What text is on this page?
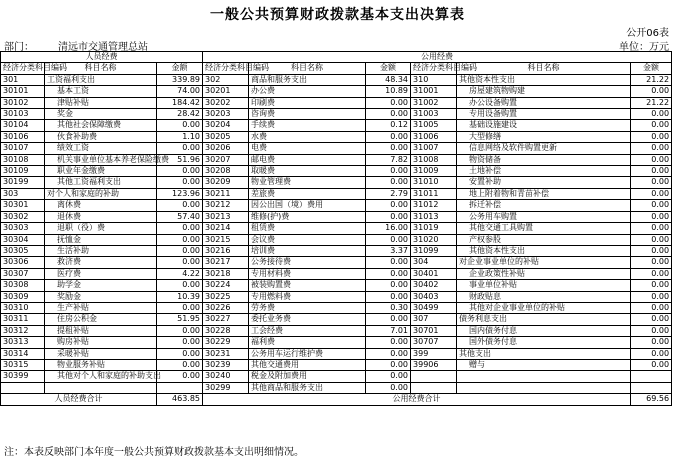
一般公共预算财政拨款基本支出决算表
公开06表
部门： 清远市交通管理总站	单位：万元
人员经费			公用经费					
经济分类科目编码	科目名称	金额	经济分类科目编码	科目名称	金额	经济分类科目编码	科目名称	金额
301	工资福利支出	339.89	302	商品和服务支出	48.34	310	其他资本性支出	21.22
30101	基本工资	74.00	30201	办公费	10.89	31001	房屋建筑物购建	0.00
30102	津贴补贴	184.42	30202	印刷费	0.00	31002	办公设备购置	21.22
30103	奖金	28.42	30203	咨询费	0.00	31003	专用设备购置	0.00
30104	其他社会保障缴费	0.00	30204	手续费	0.12	31005	基础设施建设	0.00
30106	伙食补助费	1.10	30205	水费	0.00	31006	大型修缮	0.00
30107	绩效工资	0.00	30206	电费	0.00	31007	信息网络及软件购置更新	0.00
30108	机关事业单位基本养老保险缴费	51.96	30207	邮电费	7.82	31008	物资储备	0.00
30109	职业年金缴费	0.00	30208	取暖费	0.00	31009	土地补偿	0.00
30199	其他工资福利支出	0.00	30209	物业管理费	0.00	31010	安置补助	0.00
303	对个人和家庭的补助	123.96	30211	差旅费	2.79	31011	地上附着物和青苗补偿	0.00
30301	离休费	0.00	30212	因公出国（境）费用	0.00	31012	拆迁补偿	0.00
30302	退休费	57.40	30213	维修(护)费	0.00	31013	公务用车购置	0.00
30303	退职（役）费	0.00	30214	租赁费	16.00	31019	其他交通工具购置	0.00
30304	抚恤金	0.00	30215	会议费	0.00	31020	产权参股	0.00
30305	生活补助	0.00	30216	培训费	3.37	31099	其他资本性支出	0.00
30306	救济费	0.00	30217	公务接待费	0.00	304	对企业事业单位的补贴	0.00
30307	医疗费	4.22	30218	专用材料费	0.00	30401	企业政策性补贴	0.00
30308	助学金	0.00	30224	被装购置费	0.00	30402	事业单位补贴	0.00
30309	奖励金	10.39	30225	专用燃料费	0.00	30403	财政贴息	0.00
30310	生产补贴	0.00	30226	劳务费	0.30	30499	其他对企业事业单位的补贴	0.00
30311	住房公积金	51.95	30227	委托业务费	0.00	307	债务利息支出	0.00
30312	提租补贴	0.00	30228	工会经费	7.01	30701	国内债务付息	0.00
30313	购房补贴	0.00	30229	福利费	0.00	30707	国外债务付息	0.00
30314	采暖补贴	0.00	30231	公务用车运行维护费	0.00	399	其他支出	0.00
30315	物业服务补贴	0.00	30239	其他交通费用	0.00	39906	赠与	0.00
30399	其他对个人和家庭的补助支出	0.00	30240	税金及附加费用	0.00			
			30299	其他商品和服务支出	0.00			
人员经费合计		463.85	公用经费合计					69.56
注：本表反映部门本年度一般公共预算财政拨款基本支出明细情况。
